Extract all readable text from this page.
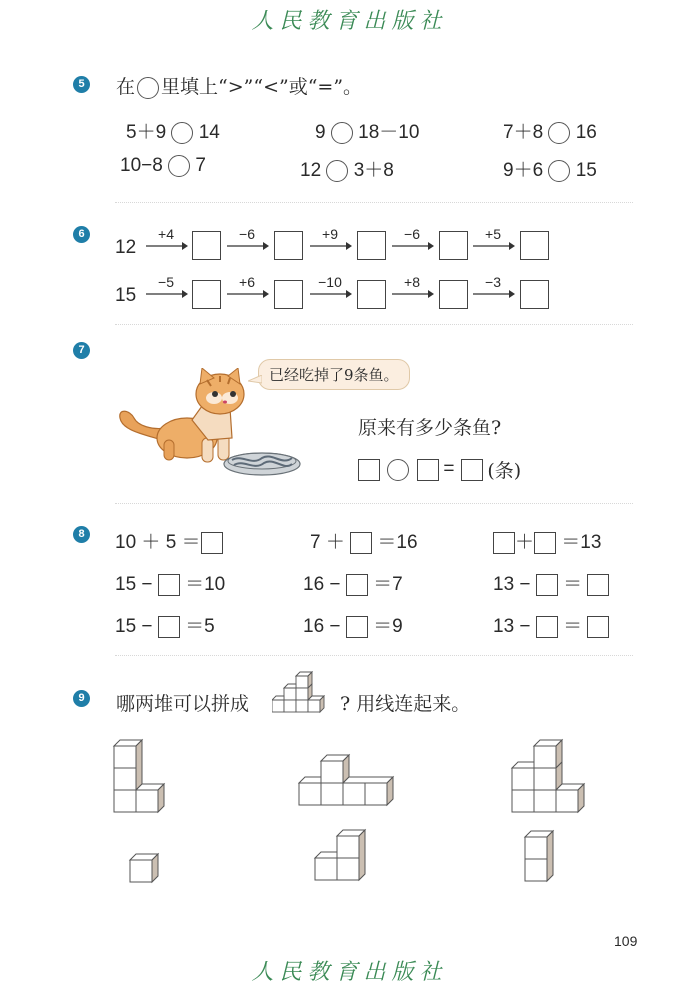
人民教育出版社
5 在 里填上“>”“<”或“=”。
5＋9 14	9 18－10	7＋8 16
10−8 7	12 3＋8	9＋6 15
6
12
+4	−6	+9	−6	+5
15
−5	+6	−10	+8	−3
7
已经吃掉了9条鱼。
原来有多少条鱼?
= (条)
8 10 ＋ 5 ＝	7 ＋ ＝16	＋ ＝13
15 − ＝10	16 − ＝7	13 − ＝
15 − ＝5	16 − ＝9	13 − ＝
9 哪两堆可以拼成	? 用线连起来。
109
人民教育出版社
